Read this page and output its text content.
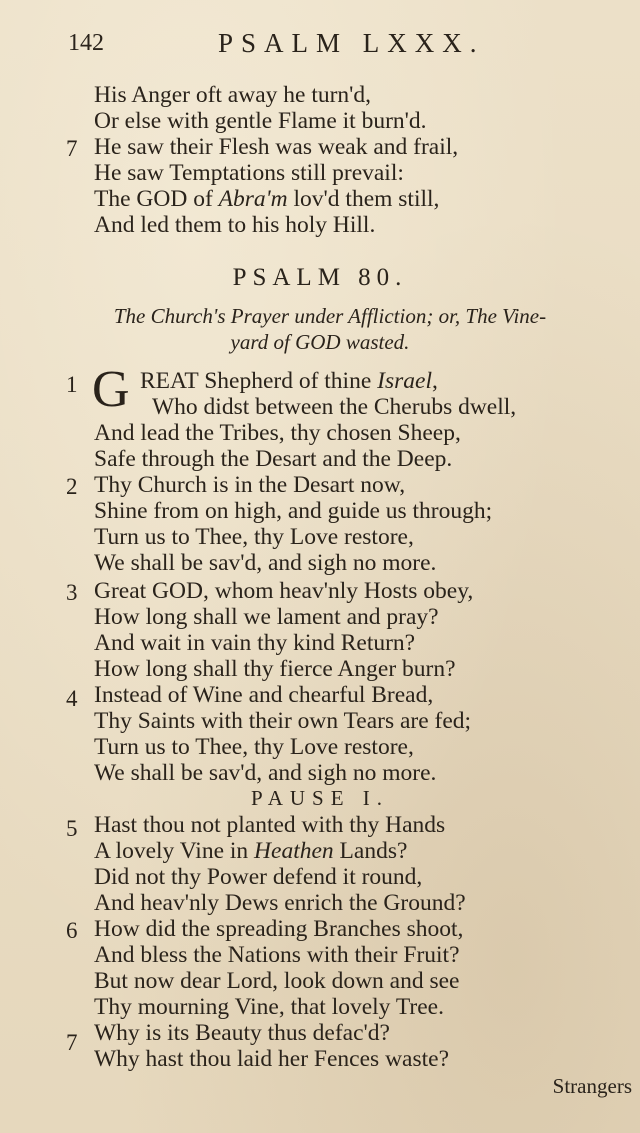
142	PSALM LXXX.
His Anger oft away he turn'd,
Or else with gentle Flame it burn'd.
7 He saw their Flesh was weak and frail,
He saw Temptations still prevail:
The GOD of Abra'm lov'd them still,
And led them to his holy Hill.
PSALM 80.
The Church's Prayer under Affliction; or, The Vine-
yard of GOD wasted.
1 G REAT Shepherd of thine Israel,
Who didst between the Cherubs dwell,
And lead the Tribes, thy chosen Sheep,
Safe through the Desart and the Deep.
2 Thy Church is in the Desart now,
Shine from on high, and guide us through;
Turn us to Thee, thy Love restore,
We shall be sav'd, and sigh no more.
3 Great GOD, whom heav'nly Hosts obey,
How long shall we lament and pray?
And wait in vain thy kind Return?
How long shall thy fierce Anger burn?
4 Instead of Wine and chearful Bread,
Thy Saints with their own Tears are fed;
Turn us to Thee, thy Love restore,
We shall be sav'd, and sigh no more.
PAUSE I.
5 Hast thou not planted with thy Hands
A lovely Vine in Heathen Lands?
Did not thy Power defend it round,
And heav'nly Dews enrich the Ground?
6 How did the spreading Branches shoot,
And bless the Nations with their Fruit?
But now dear Lord, look down and see
Thy mourning Vine, that lovely Tree.
7 Why is its Beauty thus defac'd?
Why hast thou laid her Fences waste?
Strangers
